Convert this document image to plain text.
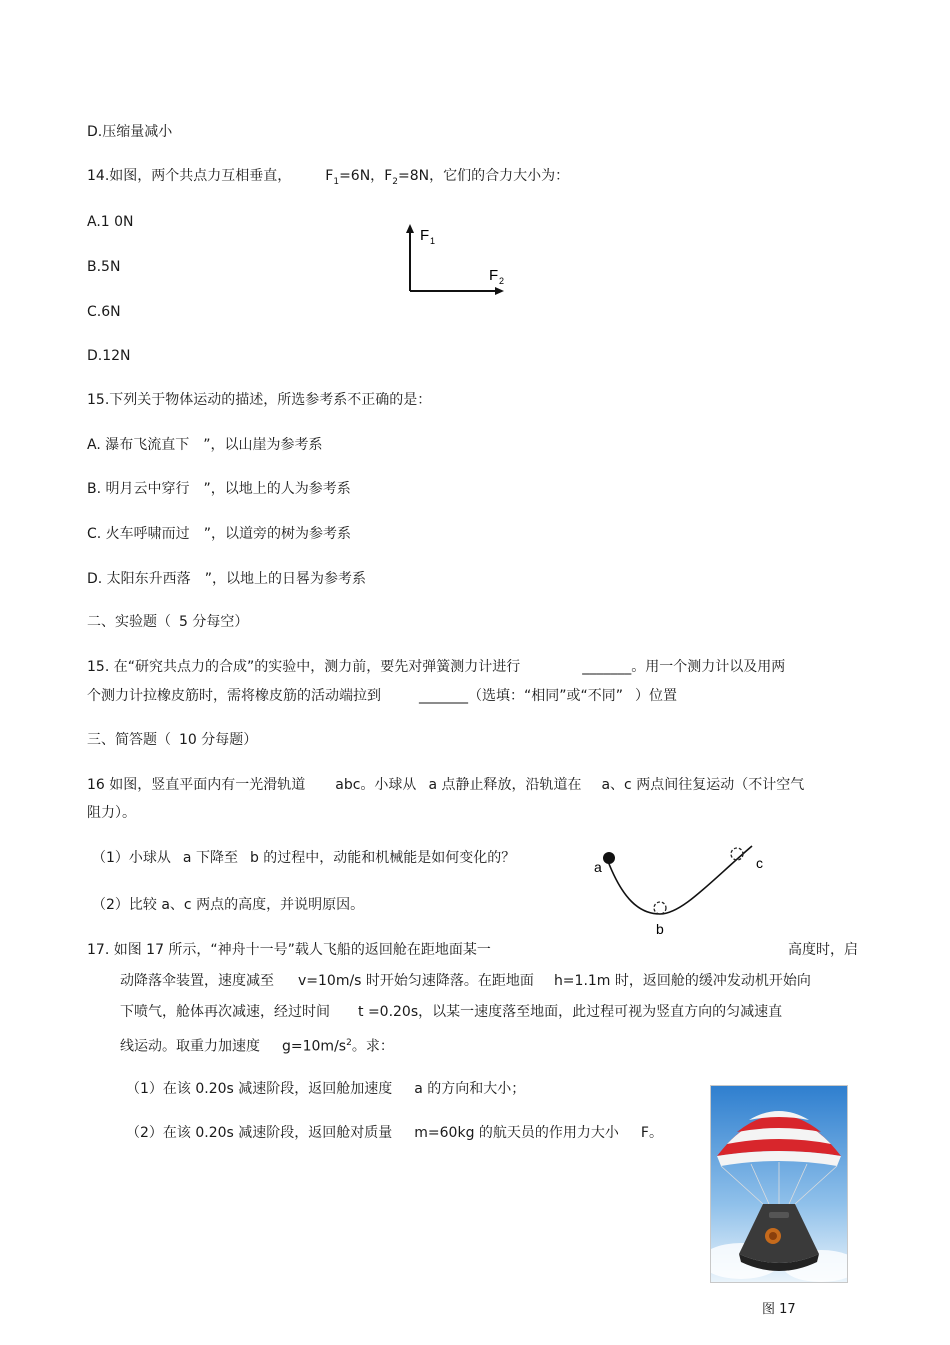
D.压缩量减小
14.如图，两个共点力互相垂直， $F_1=6N$，$F_2=8N$，它们的合力大小为：
A.1 0N
B.5N
C.6N
D.12N
F 1
F 2
15.下列关于物体运动的描述，所选参考系不正确的是：
A. 瀑布飞流直下 ”，以山崖为参考系
B. 明月云中穿行 ”，以地上的人为参考系
C. 火车呼啸而过 ”，以道旁的树为参考系
D. 太阳东升西落 ”，以地上的日晷为参考系
二、实验题（ 5 分每空）
15. 在“研究共点力的合成”的实验中，测力前，要先对弹簧测力计进行	_______。用一个测力计以及用两
个测力计拉橡皮筋时，需将橡皮筋的活动端拉到	_______（选填：“相同”或“不同” ）位置
三、简答题（ 10 分每题）
16 如图，竖直平面内有一光滑轨道 abc。小球从 a 点静止释放，沿轨道在 a、c 两点间往复运动（不计空气
阻力）。
（1）小球从 a 下降至 b 的过程中，动能和机械能是如何变化的？
（2）比较 a、c 两点的高度，并说明原因。
a
b
c
17. 如图 17 所示，“神舟十一号”载人飞船的返回舱在距地面某一	高度时，启
动降落伞装置，速度减至 v=10m/s 时开始匀速降落。在距地面 h=1.1m 时，返回舱的缓冲发动机开始向
下喷气，舱体再次减速，经过时间 t =0.20s，以某一速度落至地面，此过程可视为竖直方向的匀减速直
线运动。取重力加速度 $g=10m/s^2$。求：
（1）在该 0.20s 减速阶段，返回舱加速度 a 的方向和大小；
（2）在该 0.20s 减速阶段，返回舱对质量 m=60kg 的航天员的作用力大小 F。
图 17
